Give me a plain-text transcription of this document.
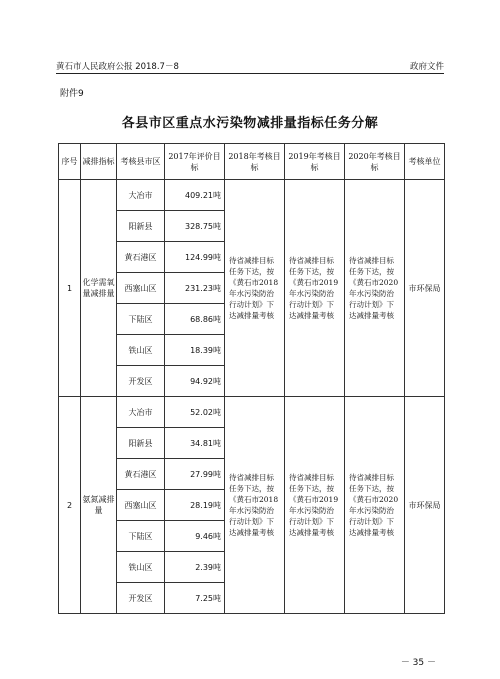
黄石市人民政府公报 2018.7－8	政府文件
附件9
各县市区重点水污染物减排量指标任务分解
序号	减排指标	考核县市区	2017年评价目标	2018年考核目标	2019年考核目标	2020年考核目标	考核单位
1	化学需氧量减排量	大冶市	409.21吨	待省减排目标任务下达，按《黄石市2018年水污染防治行动计划》下达减排量考核	待省减排目标任务下达，按《黄石市2019年水污染防治行动计划》下达减排量考核	待省减排目标任务下达，按《黄石市2020年水污染防治行动计划》下达减排量考核	市环保局
		阳新县	328.75吨				
		黄石港区	124.99吨				
		西塞山区	231.23吨				
		下陆区	68.86吨				
		铁山区	18.39吨				
		开发区	94.92吨				
2	氨氮减排量	大冶市	52.02吨	待省减排目标任务下达，按《黄石市2018年水污染防治行动计划》下达减排量考核	待省减排目标任务下达，按《黄石市2019年水污染防治行动计划》下达减排量考核	待省减排目标任务下达，按《黄石市2020年水污染防治行动计划》下达减排量考核	市环保局
		阳新县	34.81吨				
		黄石港区	27.99吨				
		西塞山区	28.19吨				
		下陆区	9.46吨				
		铁山区	2.39吨				
		开发区	7.25吨				
－ 35 －
